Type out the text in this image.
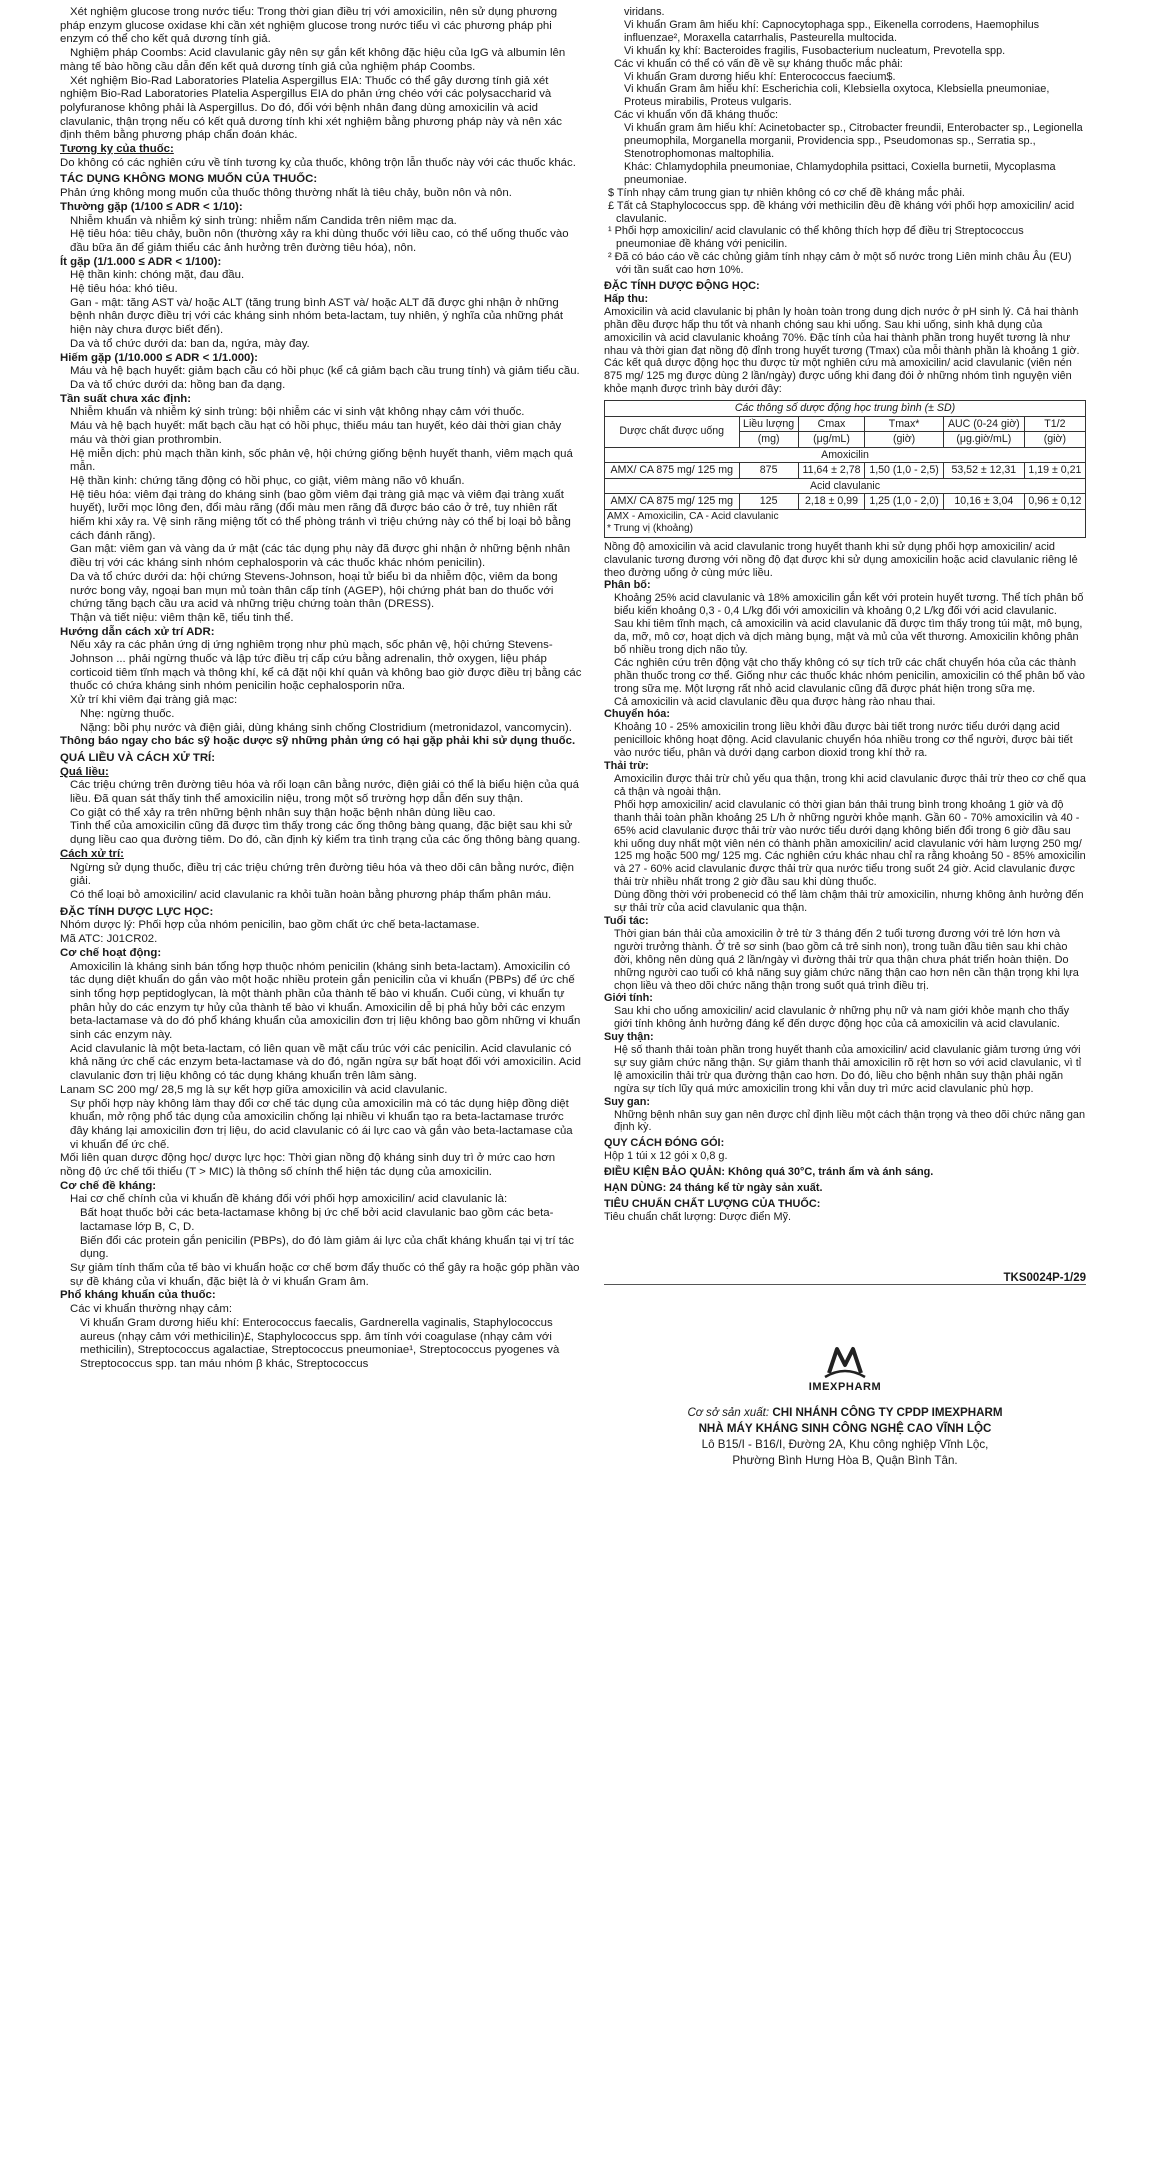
Xét nghiệm glucose trong nước tiểu: Trong thời gian điều trị với amoxicilin, nên sử dụng phương pháp enzym glucose oxidase khi cần xét nghiệm glucose trong nước tiểu vì các phương pháp phi enzym có thể cho kết quả dương tính giả.

Nghiệm pháp Coombs: Acid clavulanic gây nên sự gắn kết không đặc hiệu của IgG và albumin lên màng tế bào hồng cầu dẫn đến kết quả dương tính giả của nghiệm pháp Coombs.

Xét nghiệm Bio-Rad Laboratories Platelia Aspergillus EIA: Thuốc có thể gây dương tính giả xét nghiệm Bio-Rad Laboratories Platelia Aspergillus EIA do phản ứng chéo với các polysaccharid và polyfuranose không phải là Aspergillus. Do đó, đối với bệnh nhân đang dùng amoxicilin và acid clavulanic, thận trọng nếu có kết quả dương tính khi xét nghiệm bằng phương pháp này và nên xác định thêm bằng phương pháp chẩn đoán khác.

Tương kỵ của thuốc:

Do không có các nghiên cứu về tính tương kỵ của thuốc, không trộn lẫn thuốc này với các thuốc khác.

TÁC DỤNG KHÔNG MONG MUỐN CỦA THUỐC:

Phản ứng không mong muốn của thuốc thông thường nhất là tiêu chảy, buồn nôn và nôn.

Thường gặp (1/100 ≤ ADR < 1/10):

Nhiễm khuẩn và nhiễm ký sinh trùng: nhiễm nấm Candida trên niêm mạc da.

Hệ tiêu hóa: tiêu chảy, buồn nôn (thường xảy ra khi dùng thuốc với liều cao, có thể uống thuốc vào đầu bữa ăn để giảm thiểu các ảnh hưởng trên đường tiêu hóa), nôn.

Ít gặp (1/1.000 ≤ ADR < 1/100):

Hệ thần kinh: chóng mặt, đau đầu.

Hệ tiêu hóa: khó tiêu.

Gan - mật: tăng AST và/ hoặc ALT (tăng trung bình AST và/ hoặc ALT đã được ghi nhận ở những bệnh nhân được điều trị với các kháng sinh nhóm beta-lactam, tuy nhiên, ý nghĩa của những phát hiện này chưa được biết đến).

Da và tổ chức dưới da: ban da, ngứa, mày đay.

Hiếm gặp (1/10.000 ≤ ADR < 1/1.000):

Máu và hệ bạch huyết: giảm bạch cầu có hồi phục (kể cả giảm bạch cầu trung tính) và giảm tiểu cầu.

Da và tổ chức dưới da: hồng ban đa dạng.

Tần suất chưa xác định:

Nhiễm khuẩn và nhiễm ký sinh trùng: bội nhiễm các vi sinh vật không nhạy cảm với thuốc.

Máu và hệ bạch huyết: mất bạch cầu hạt có hồi phục, thiếu máu tan huyết, kéo dài thời gian chảy máu và thời gian prothrombin.

Hệ miễn dịch: phù mạch thần kinh, sốc phản vệ, hội chứng giống bệnh huyết thanh, viêm mạch quá mẫn.

Hệ thần kinh: chứng tăng động có hồi phục, co giật, viêm màng não vô khuẩn.

Hệ tiêu hóa: viêm đại tràng do kháng sinh (bao gồm viêm đại tràng giả mạc và viêm đại tràng xuất huyết), lưỡi mọc lông đen, đổi màu răng (đổi màu men răng đã được báo cáo ở trẻ, tuy nhiên rất hiếm khi xảy ra. Vệ sinh răng miệng tốt có thể phòng tránh vì triệu chứng này có thể bị loại bỏ bằng cách đánh răng).

Gan mật: viêm gan và vàng da ứ mật (các tác dụng phụ này đã được ghi nhận ở những bệnh nhân điều trị với các kháng sinh nhóm cephalosporin và các thuốc khác nhóm penicilin).

Da và tổ chức dưới da: hội chứng Stevens-Johnson, hoại tử biểu bì da nhiễm độc, viêm da bong nước bong vảy, ngoại ban mụn mủ toàn thân cấp tính (AGEP), hội chứng phát ban do thuốc với chứng tăng bạch cầu ưa acid và những triệu chứng toàn thân (DRESS).

Thận và tiết niệu: viêm thận kẽ, tiểu tinh thể.

Hướng dẫn cách xử trí ADR:

Nếu xảy ra các phản ứng dị ứng nghiêm trọng như phù mạch, sốc phản vệ, hội chứng Stevens-Johnson ... phải ngừng thuốc và lập tức điều trị cấp cứu bằng adrenalin, thở oxygen, liệu pháp corticoid tiêm tĩnh mạch và thông khí, kể cả đặt nội khí quản và không bao giờ được điều trị bằng các thuốc có chứa kháng sinh nhóm penicilin hoặc cephalosporin nữa.

Xử trí khi viêm đại tràng giả mạc:

Nhẹ: ngừng thuốc.

Nặng: bồi phụ nước và điện giải, dùng kháng sinh chống Clostridium (metronidazol, vancomycin).

Thông báo ngay cho bác sỹ hoặc dược sỹ những phản ứng có hại gặp phải khi sử dụng thuốc.

QUÁ LIỀU VÀ CÁCH XỬ TRÍ:

Quá liều:

Các triệu chứng trên đường tiêu hóa và rối loạn cân bằng nước, điện giải có thể là biểu hiện của quá liều. Đã quan sát thấy tinh thể amoxicilin niệu, trong một số trường hợp dẫn đến suy thận.

Co giật có thể xảy ra trên những bệnh nhân suy thận hoặc bệnh nhân dùng liều cao.

Tinh thể của amoxicilin cũng đã được tìm thấy trong các ống thông bàng quang, đặc biệt sau khi sử dụng liều cao qua đường tiêm. Do đó, cần định kỳ kiểm tra tình trạng của các ống thông bàng quang.

Cách xử trí:

Ngừng sử dụng thuốc, điều trị các triệu chứng trên đường tiêu hóa và theo dõi cân bằng nước, điện giải.

Có thể loại bỏ amoxicilin/ acid clavulanic ra khỏi tuần hoàn bằng phương pháp thẩm phân máu.

ĐẶC TÍNH DƯỢC LỰC HỌC:

Nhóm dược lý: Phối hợp của nhóm penicilin, bao gồm chất ức chế beta-lactamase.

Mã ATC: J01CR02.

Cơ chế hoạt động:

Amoxicilin là kháng sinh bán tổng hợp thuộc nhóm penicilin (kháng sinh beta-lactam). Amoxicilin có tác dụng diệt khuẩn do gắn vào một hoặc nhiều protein gắn penicilin của vi khuẩn (PBPs) để ức chế sinh tổng hợp peptidoglycan, là một thành phần của thành tế bào vi khuẩn. Cuối cùng, vi khuẩn tự phân hủy do các enzym tự hủy của thành tế bào vi khuẩn. Amoxicilin dễ bị phá hủy bởi các enzym beta-lactamase và do đó phổ kháng khuẩn của amoxicilin đơn trị liệu không bao gồm những vi khuẩn sinh các enzym này.

Acid clavulanic là một beta-lactam, có liên quan về mặt cấu trúc với các penicilin. Acid clavulanic có khả năng ức chế các enzym beta-lactamase và do đó, ngăn ngừa sự bất hoạt đối với amoxicilin. Acid clavulanic đơn trị liệu không có tác dụng kháng khuẩn trên lâm sàng.

Lanam SC 200 mg/ 28,5 mg là sự kết hợp giữa amoxicilin và acid clavulanic.

Sự phối hợp này không làm thay đổi cơ chế tác dụng của amoxicilin mà có tác dụng hiệp đồng diệt khuẩn, mở rộng phổ tác dụng của amoxicilin chống lại nhiều vi khuẩn tạo ra beta-lactamase trước đây kháng lại amoxicilin đơn trị liệu, do acid clavulanic có ái lực cao và gắn vào beta-lactamase của vi khuẩn để ức chế.

Mối liên quan dược động học/ dược lực học: Thời gian nồng độ kháng sinh duy trì ở mức cao hơn nồng độ ức chế tối thiểu (T > MIC) là thông số chính thể hiện tác dụng của amoxicilin.

Cơ chế đề kháng:

Hai cơ chế chính của vi khuẩn đề kháng đối với phối hợp amoxicilin/ acid clavulanic là:

Bất hoạt thuốc bởi các beta-lactamase không bị ức chế bởi acid clavulanic bao gồm các beta-lactamase lớp B, C, D.

Biến đổi các protein gắn penicilin (PBPs), do đó làm giảm ái lực của chất kháng khuẩn tại vị trí tác dụng.

Sự giảm tính thấm của tế bào vi khuẩn hoặc cơ chế bơm đẩy thuốc có thể gây ra hoặc góp phần vào sự đề kháng của vi khuẩn, đặc biệt là ở vi khuẩn Gram âm.

Phổ kháng khuẩn của thuốc:

Các vi khuẩn thường nhạy cảm:

Vi khuẩn Gram dương hiếu khí: Enterococcus faecalis, Gardnerella vaginalis, Staphylococcus aureus (nhạy cảm với methicilin)£, Staphylococcus spp. âm tính với coagulase (nhạy cảm với methicilin), Streptococcus agalactiae, Streptococcus pneumoniae¹, Streptococcus pyogenes và Streptococcus spp. tan máu nhóm β khác, Streptococcus

viridans.

Vi khuẩn Gram âm hiếu khí: Capnocytophaga spp., Eikenella corrodens, Haemophilus influenzae², Moraxella catarrhalis, Pasteurella multocida.

Vi khuẩn kỵ khí: Bacteroides fragilis, Fusobacterium nucleatum, Prevotella spp.

Các vi khuẩn có thể có vấn đề về sự kháng thuốc mắc phải:

Vi khuẩn Gram dương hiếu khí: Enterococcus faecium$.

Vi khuẩn Gram âm hiếu khí: Escherichia coli, Klebsiella oxytoca, Klebsiella pneumoniae, Proteus mirabilis, Proteus vulgaris.

Các vi khuẩn vốn đã kháng thuốc:

Vi khuẩn gram âm hiếu khí: Acinetobacter sp., Citrobacter freundii, Enterobacter sp., Legionella pneumophila, Morganella morganii, Providencia spp., Pseudomonas sp., Serratia sp., Stenotrophomonas maltophilia.

Khác: Chlamydophila pneumoniae, Chlamydophila psittaci, Coxiella burnetii, Mycoplasma pneumoniae.

$ Tính nhạy cảm trung gian tự nhiên không có cơ chế đề kháng mắc phải.

£ Tất cả Staphylococcus spp. đề kháng với methicilin đều đề kháng với phối hợp amoxicilin/ acid clavulanic.

¹ Phối hợp amoxicilin/ acid clavulanic có thể không thích hợp để điều trị Streptococcus pneumoniae đề kháng với penicilin.

² Đã có báo cáo về các chủng giảm tính nhạy cảm ở một số nước trong Liên minh châu Âu (EU) với tần suất cao hơn 10%.

ĐẶC TÍNH DƯỢC ĐỘNG HỌC:

Hấp thu:

Amoxicilin và acid clavulanic bị phân ly hoàn toàn trong dung dịch nước ở pH sinh lý. Cả hai thành phần đều được hấp thu tốt và nhanh chóng sau khi uống. Sau khi uống, sinh khả dụng của amoxicilin và acid clavulanic khoảng 70%. Đặc tính của hai thành phần trong huyết tương là như nhau và thời gian đạt nồng độ đỉnh trong huyết tương (Tmax) của mỗi thành phần là khoảng 1 giờ.

Các kết quả dược động học thu được từ một nghiên cứu mà amoxicilin/ acid clavulanic (viên nén 875 mg/ 125 mg được dùng 2 lần/ngày) được uống khi đang đói ở những nhóm tình nguyện viên khỏe mạnh được trình bày dưới đây:

Các thông số dược động học trung bình (± SD)					
Dược chất được uống	Liều lượng	Cmax	Tmax*	AUC (0-24 giờ)	T1/2
	(mg)	(μg/mL)	(giờ)	(μg.giờ/mL)	(giờ)
Amoxicilin					
AMX/ CA 875 mg/ 125 mg	875	11,64 ± 2,78	1,50 (1,0 - 2,5)	53,52 ± 12,31	1,19 ± 0,21
Acid clavulanic					
AMX/ CA 875 mg/ 125 mg	125	2,18 ± 0,99	1,25 (1,0 - 2,0)	10,16 ± 3,04	0,96 ± 0,12

AMX - Amoxicilin, CA - Acid clavulanic
* Trung vị (khoảng)					

Nồng độ amoxicilin và acid clavulanic trong huyết thanh khi sử dụng phối hợp amoxicilin/ acid clavulanic tương đương với nồng độ đạt được khi sử dụng amoxicilin hoặc acid clavulanic riêng lẻ theo đường uống ở cùng mức liều.

Phân bố:

Khoảng 25% acid clavulanic và 18% amoxicilin gắn kết với protein huyết tương. Thể tích phân bố biểu kiến khoảng 0,3 - 0,4 L/kg đối với amoxicilin và khoảng 0,2 L/kg đối với acid clavulanic.

Sau khi tiêm tĩnh mạch, cả amoxicilin và acid clavulanic đã được tìm thấy trong túi mật, mô bụng, da, mỡ, mô cơ, hoạt dịch và dịch màng bụng, mật và mủ của vết thương. Amoxicilin không phân bố nhiều trong dịch não tủy.

Các nghiên cứu trên động vật cho thấy không có sự tích trữ các chất chuyển hóa của các thành phần thuốc trong cơ thể. Giống như các thuốc khác nhóm penicilin, amoxicilin có thể phân bố vào trong sữa mẹ. Một lượng rất nhỏ acid clavulanic cũng đã được phát hiện trong sữa mẹ.

Cả amoxicilin và acid clavulanic đều qua được hàng rào nhau thai.

Chuyển hóa:

Khoảng 10 - 25% amoxicilin trong liều khởi đầu được bài tiết trong nước tiểu dưới dạng acid penicilloic không hoạt động. Acid clavulanic chuyển hóa nhiều trong cơ thể người, được bài tiết vào nước tiểu, phân và dưới dạng carbon dioxid trong khí thở ra.

Thải trừ:

Amoxicilin được thải trừ chủ yếu qua thận, trong khi acid clavulanic được thải trừ theo cơ chế qua cả thận và ngoài thận.

Phối hợp amoxicilin/ acid clavulanic có thời gian bán thải trung bình trong khoảng 1 giờ và độ thanh thải toàn phần khoảng 25 L/h ở những người khỏe mạnh. Gần 60 - 70% amoxicilin và 40 - 65% acid clavulanic được thải trừ vào nước tiểu dưới dạng không biến đổi trong 6 giờ đầu sau khi uống duy nhất một viên nén có thành phần amoxicilin/ acid clavulanic với hàm lượng 250 mg/ 125 mg hoặc 500 mg/ 125 mg. Các nghiên cứu khác nhau chỉ ra rằng khoảng 50 - 85% amoxicilin và 27 - 60% acid clavulanic được thải trừ qua nước tiểu trong suốt 24 giờ. Acid clavulanic được thải trừ nhiều nhất trong 2 giờ đầu sau khi dùng thuốc.

Dùng đồng thời với probenecid có thể làm chậm thải trừ amoxicilin, nhưng không ảnh hưởng đến sự thải trừ của acid clavulanic qua thận.

Tuổi tác:

Thời gian bán thải của amoxicilin ở trẻ từ 3 tháng đến 2 tuổi tương đương với trẻ lớn hơn và người trưởng thành. Ở trẻ sơ sinh (bao gồm cả trẻ sinh non), trong tuần đầu tiên sau khi chào đời, không nên dùng quá 2 lần/ngày vì đường thải trừ qua thận chưa phát triển hoàn thiện. Do những người cao tuổi có khả năng suy giảm chức năng thận cao hơn nên cần thận trọng khi lựa chọn liều và theo dõi chức năng thận trong suốt quá trình điều trị.

Giới tính:

Sau khi cho uống amoxicilin/ acid clavulanic ở những phụ nữ và nam giới khỏe mạnh cho thấy giới tính không ảnh hưởng đáng kể đến dược động học của cả amoxicilin và acid clavulanic.

Suy thận:

Hệ số thanh thải toàn phần trong huyết thanh của amoxicilin/ acid clavulanic giảm tương ứng với sự suy giảm chức năng thận. Sự giảm thanh thải amoxicilin rõ rệt hơn so với acid clavulanic, vì tỉ lệ amoxicilin thải trừ qua đường thận cao hơn. Do đó, liều cho bệnh nhân suy thận phải ngăn ngừa sự tích lũy quá mức amoxicilin trong khi vẫn duy trì mức acid clavulanic phù hợp.

Suy gan:

Những bệnh nhân suy gan nên được chỉ định liều một cách thận trọng và theo dõi chức năng gan định kỳ.

QUY CÁCH ĐÓNG GÓI:

Hộp 1 túi x 12 gói x 0,8 g.

ĐIỀU KIỆN BẢO QUẢN: Không quá 30°C, tránh ẩm và ánh sáng.

HẠN DÙNG: 24 tháng kể từ ngày sản xuất.

TIÊU CHUẨN CHẤT LƯỢNG CỦA THUỐC:

Tiêu chuẩn chất lượng: Dược điển Mỹ.

TKS0024P-1/29
IMEXPHARM
Cơ sở sản xuất: CHI NHÁNH CÔNG TY CPDP IMEXPHARM
NHÀ MÁY KHÁNG SINH CÔNG NGHỆ CAO VĨNH LỘC
Lô B15/I - B16/I, Đường 2A, Khu công nghiệp Vĩnh Lộc,
Phường Bình Hưng Hòa B, Quận Bình Tân.
